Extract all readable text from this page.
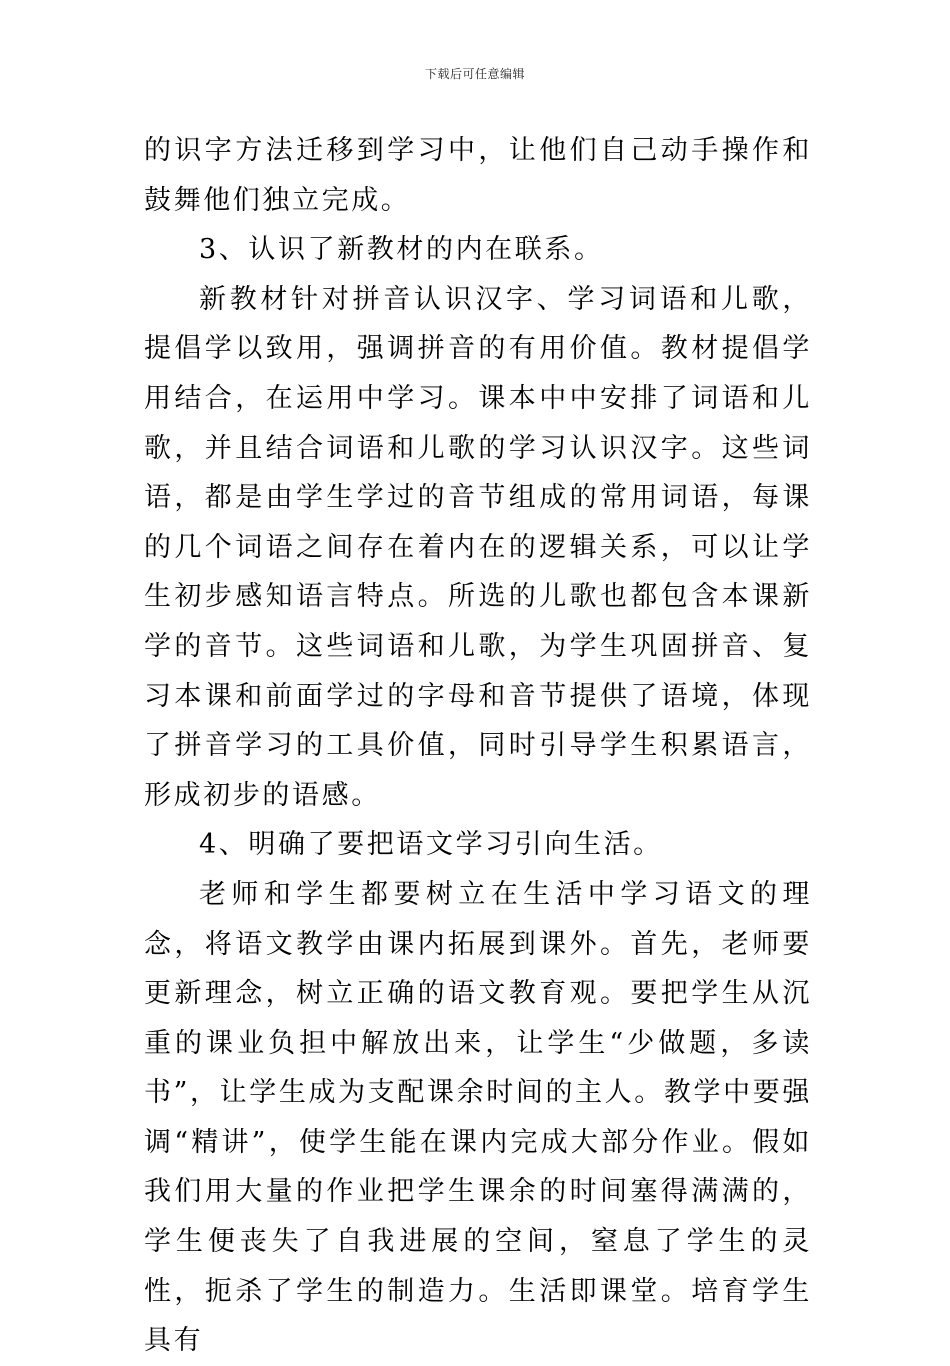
下载后可任意编辑

的识字方法迁移到学习中，让他们自己动手操作和鼓舞他们独立完成。

3、认识了新教材的内在联系。

新教材针对拼音认识汉字、学习词语和儿歌，提倡学以致用，强调拼音的有用价值。教材提倡学用结合，在运用中学习。课本中中安排了词语和儿歌，并且结合词语和儿歌的学习认识汉字。这些词语，都是由学生学过的音节组成的常用词语，每课的几个词语之间存在着内在的逻辑关系，可以让学生初步感知语言特点。所选的儿歌也都包含本课新学的音节。这些词语和儿歌，为学生巩固拼音、复习本课和前面学过的字母和音节提供了语境，体现了拼音学习的工具价值，同时引导学生积累语言，形成初步的语感。

4、明确了要把语文学习引向生活。

老师和学生都要树立在生活中学习语文的理念，将语文教学由课内拓展到课外。首先，老师要更新理念，树立正确的语文教育观。要把学生从沉重的课业负担中解放出来，让学生“少做题，多读书”，让学生成为支配课余时间的主人。教学中要强调“精讲”，使学生能在课内完成大部分作业。假如我们用大量的作业把学生课余的时间塞得满满的，学生便丧失了自我进展的空间，窒息了学生的灵性，扼杀了学生的制造力。生活即课堂。培育学生具有
